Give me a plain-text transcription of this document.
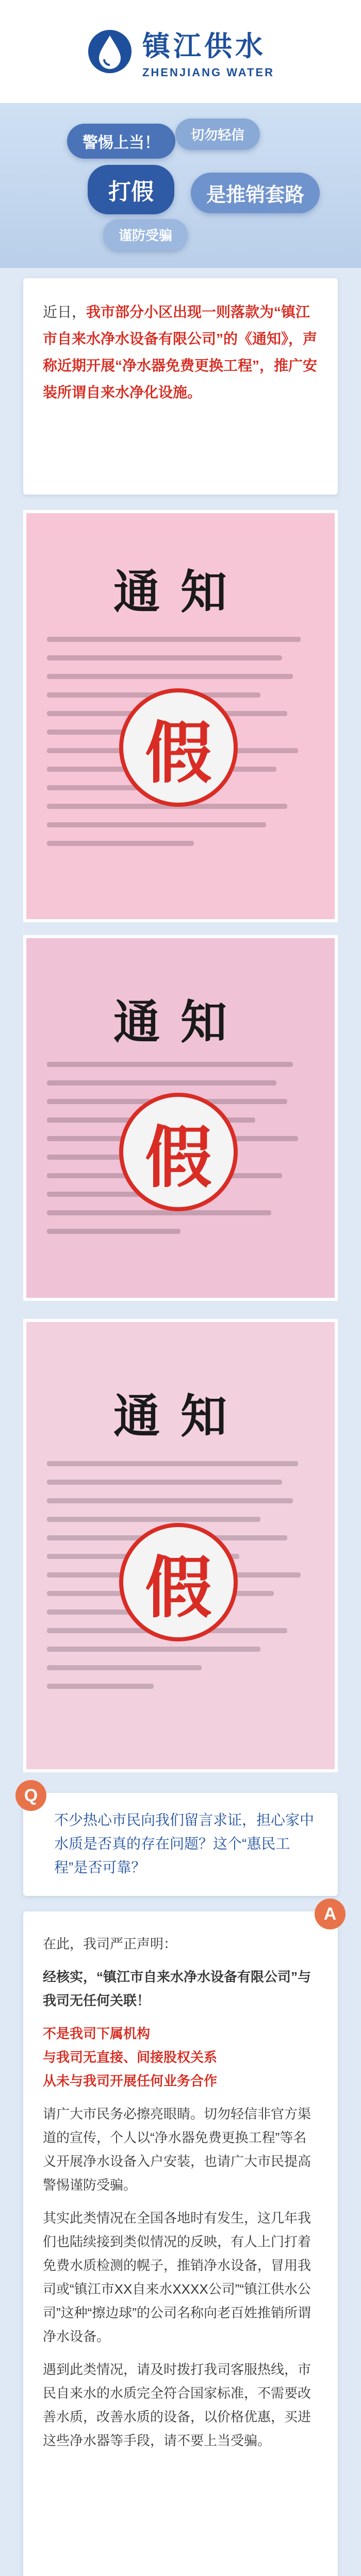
镇江供水
ZHENJIANG WATER
警惕上当！	切勿轻信
打假	是推销套路
谨防受骗
近日，我市部分小区出现一则落款为“镇江市自来水净水设备有限公司”的《通知》，声称近期开展“净水器免费更换工程”，推广安装所谓自来水净化设施。
通知
假
通知
假
通知
假
Q
不少热心市民向我们留言求证，担心家中水质是否真的存在问题？这个“惠民工程”是否可靠？
A

在此，我司严正声明：

经核实，“镇江市自来水净水设备有限公司”与我司无任何关联！

不是我司下属机构

与我司无直接、间接股权关系

从未与我司开展任何业务合作

请广大市民务必擦亮眼睛。切勿轻信非官方渠道的宣传，个人以“净水器免费更换工程”等名义开展净水设备入户安装，也请广大市民提高警惕谨防受骗。

其实此类情况在全国各地时有发生，这几年我们也陆续接到类似情况的反映，有人上门打着免费水质检测的幌子，推销净水设备，冒用我司或“镇江市XX自来水XXXX公司”“镇江供水公司”这种“擦边球”的公司名称向老百姓推销所谓净水设备。

遇到此类情况，请及时拨打我司客服热线，市民自来水的水质完全符合国家标准，不需要改善水质，改善水质的设备，以价格优惠，买进这些净水器等手段，请不要上当受骗。
